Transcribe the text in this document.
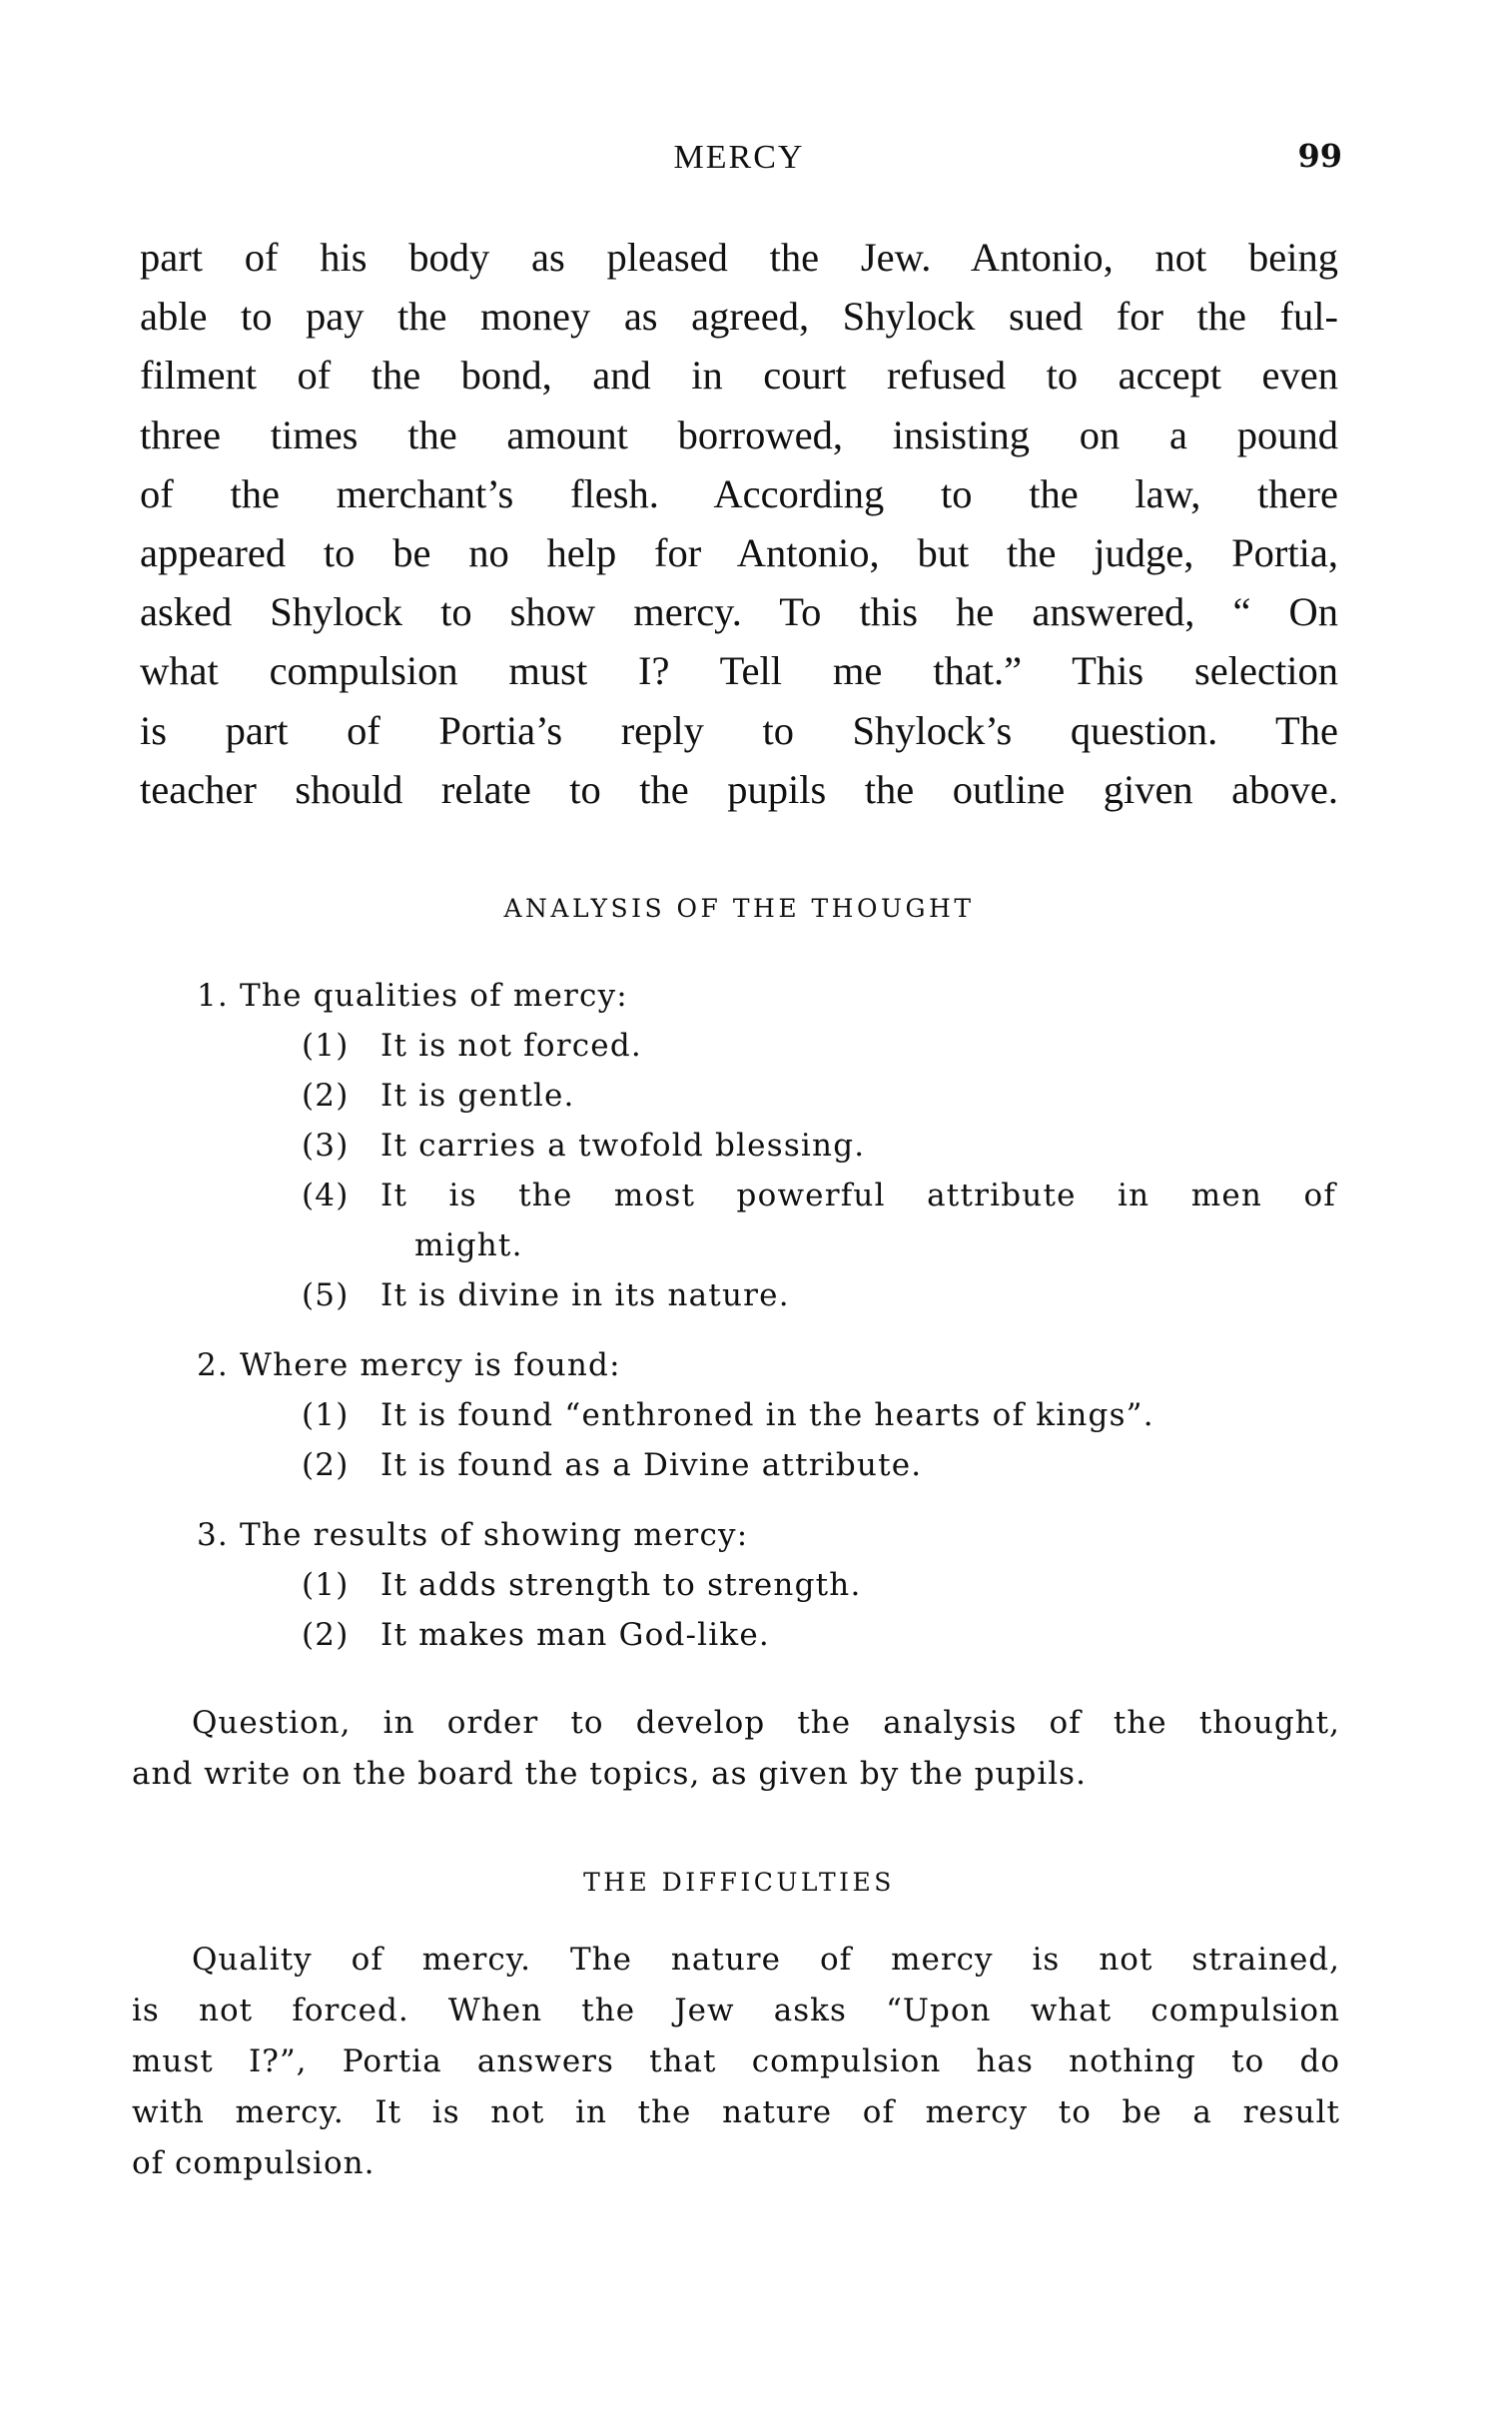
MERCY	99

part of his body as pleased the Jew. Antonio, not being
able to pay the money as agreed, Shylock sued for the ful-
filment of the bond, and in court refused to accept even
three times the amount borrowed, insisting on a pound
of the merchant’s flesh. According to the law, there
appeared to be no help for Antonio, but the judge, Portia,
asked Shylock to show mercy. To this he answered, “ On
what compulsion must I? Tell me that.” This selection
is part of Portia’s reply to Shylock’s question. The
teacher should relate to the pupils the outline given above.

ANALYSIS OF THE THOUGHT
1. The qualities of mercy:
(1)	It is not forced.
(2)	It is gentle.
(3)	It carries a twofold blessing.
(4)	It is the most powerful attribute in men of
might.
(5)	It is divine in its nature.
2. Where mercy is found:
(1)	It is found “enthroned in the hearts of kings”.
(2)	It is found as a Divine attribute.
3. The results of showing mercy:
(1)	It adds strength to strength.
(2)	It makes man God-like.

Question, in order to develop the analysis of the thought,
and write on the board the topics, as given by the pupils.

THE DIFFICULTIES

Quality of mercy. The nature of mercy is not strained,
is not forced. When the Jew asks “Upon what compulsion
must I?”, Portia answers that compulsion has nothing to do
with mercy. It is not in the nature of mercy to be a result
of compulsion.
